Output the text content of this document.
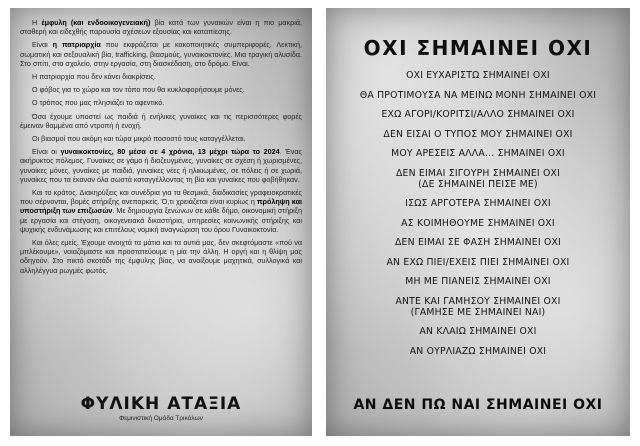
Η έμφυλη (και ενδοοικογενειακή) βία κατά των γυναικών είναι η πιο μακριά, σταθερή και ειδεχθής παρουσία σχέσεων εξουσίας και καταπίεσης.

Είναι η πατριαρχία που εκφράζεται με κακοποιητικές συμπεριφορές. Λεκτική, σωματική και σεξουαλική βία, trafficking, βιασμούς, γυναικοκτονίες. Μια τραγική αλυσίδα. Στο σπίτι, στο σχολείο, στην εργασία, στη διασκέδαση, στο δρόμο. Είναι.

Η πατριαρχία που δεν κάνει διακρίσεις.

Ο φόβος για το χώρο και τον τόπο που θα κυκλοφορήσουμε μόνες.

Ο τρόπος που μας πλησιάζει το αφεντικό.

Όσα έχουμε υποστεί ως παιδιά ή ενήλικες γυναίκες και τις περισσότερες φορές έμειναν θαμμένα από ντροπή ή ενοχή.

Οι βιασμοί που ακόμη και τώρα μικρό ποσοστό τους καταγγέλλεται.

Είναι οι γυναικοκτονίες, 80 μέσα σε 4 χρόνια, 13 μέχρι τώρα το 2024. Ένας ακήρυκτος πόλεμος. Γυναίκες σε γάμο ή διαζευγμένες, γυναίκες σε σχέση ή χωρισμένες, γυναίκες μόνες, γυναίκες με παιδιά, γυναίκες νέες ή ηλικιωμένες, σε πόλεις ή σε χωριά, γυναίκες που τα έκαναν όλα σωστά καταγγέλλοντας τη βία και γυναίκες που φοβήθηκαν.

Και το κράτος. Διακηρύξεις και συνέδρια για τα θεσμικά, διαδικασίες γραφειοκρατικές που σέρνονται, βομές στήριξης ανεπαρκείς. Ό,τι χρειάζεται είναι κυρίως η πρόληψη και υποστήριξη των επιζωσών. Με δημιουργία ξενώνων σε κάθε δήμο, οικονομική στήριξη με εργασία και στέγαση, οικογενειακά δικαστήρια, υπηρεσίες κοινωνικής στήριξης και ψυχικής ενδυνάμωσης και επιτέλους νομική αναγνώριση του όρου Γυναικοκτονία.

Και όλες εμείς. Έχουμε ανοιχτά τα μάτια και τα αυτιά μας, δεν σκεφτόμαστε «πού να μπλέκουμε», νοιαζόμαστε και προστατεύουμε η μία την άλλη. Η οργή και η θλίψη μας οδηγούν. Στο πικτό σκοτάδι της έμφυλης βίας, να ανοίξουμε μαχητικά, συλλογικά και αλληλέγγυα ρωγμές φωτός.

ΦΥΛΙΚΗ ΑΤΑΞΙΑ
Φεμινιστική Ομάδα Τρικάλων
ΟΧΙ ΣΗΜΑΙΝΕΙ ΟΧΙ
ΟΧΙ ΕΥΧΑΡΙΣΤΩ ΣΗΜΑΙΝΕΙ ΟΧΙ
ΘΑ ΠΡΟΤΙΜΟΥΣΑ ΝΑ ΜΕΙΝΩ ΜΟΝΗ ΣΗΜΑΙΝΕΙ ΟΧΙ
ΕΧΩ ΑΓΟΡΙ/ΚΟΡΙΤΣΙ/ΑΛΛΟ ΣΗΜΑΙΝΕΙ ΟΧΙ
ΔΕΝ ΕΙΣΑΙ Ο ΤΥΠΟΣ ΜΟΥ ΣΗΜΑΙΝΕΙ ΟΧΙ
ΜΟΥ ΑΡΕΣΕΙΣ ΑΛΛΑ... ΣΗΜΑΙΝΕΙ ΟΧΙ
ΔΕΝ ΕΙΜΑΙ ΣΙΓΟΥΡΗ ΣΗΜΑΙΝΕΙ ΟΧΙ
(ΔΕ ΣΗΜΑΙΝΕΙ ΠΕΙΣΕ ΜΕ)
ΙΣΩΣ ΑΡΓΟΤΕΡΑ ΣΗΜΑΙΝΕΙ ΟΧΙ
ΑΣ ΚΟΙΜΗΘΟΥΜΕ ΣΗΜΑΙΝΕΙ ΟΧΙ
ΔΕΝ ΕΙΜΑΙ ΣΕ ΦΑΣΗ ΣΗΜΑΙΝΕΙ ΟΧΙ
ΑΝ ΕΧΩ ΠΙΕΙ/ΕΧΕΙΣ ΠΙΕΙ ΣΗΜΑΙΝΕΙ ΟΧΙ
ΜΗ ΜΕ ΠΙΑΝΕΙΣ ΣΗΜΑΙΝΕΙ ΟΧΙ
ΑΝΤΕ ΚΑΙ ΓΑΜΗΣΟΥ ΣΗΜΑΙΝΕΙ ΟΧΙ
(ΓΑΜΗΣΕ ΜΕ ΣΗΜΑΙΝΕΙ ΝΑΙ)
ΑΝ ΚΛΑΙΩ ΣΗΜΑΙΝΕΙ ΟΧΙ
ΑΝ ΟΥΡΛΙΑΖΩ ΣΗΜΑΙΝΕΙ ΟΧΙ
ΑΝ ΔΕΝ ΠΩ ΝΑΙ ΣΗΜΑΙΝΕΙ ΟΧΙ
